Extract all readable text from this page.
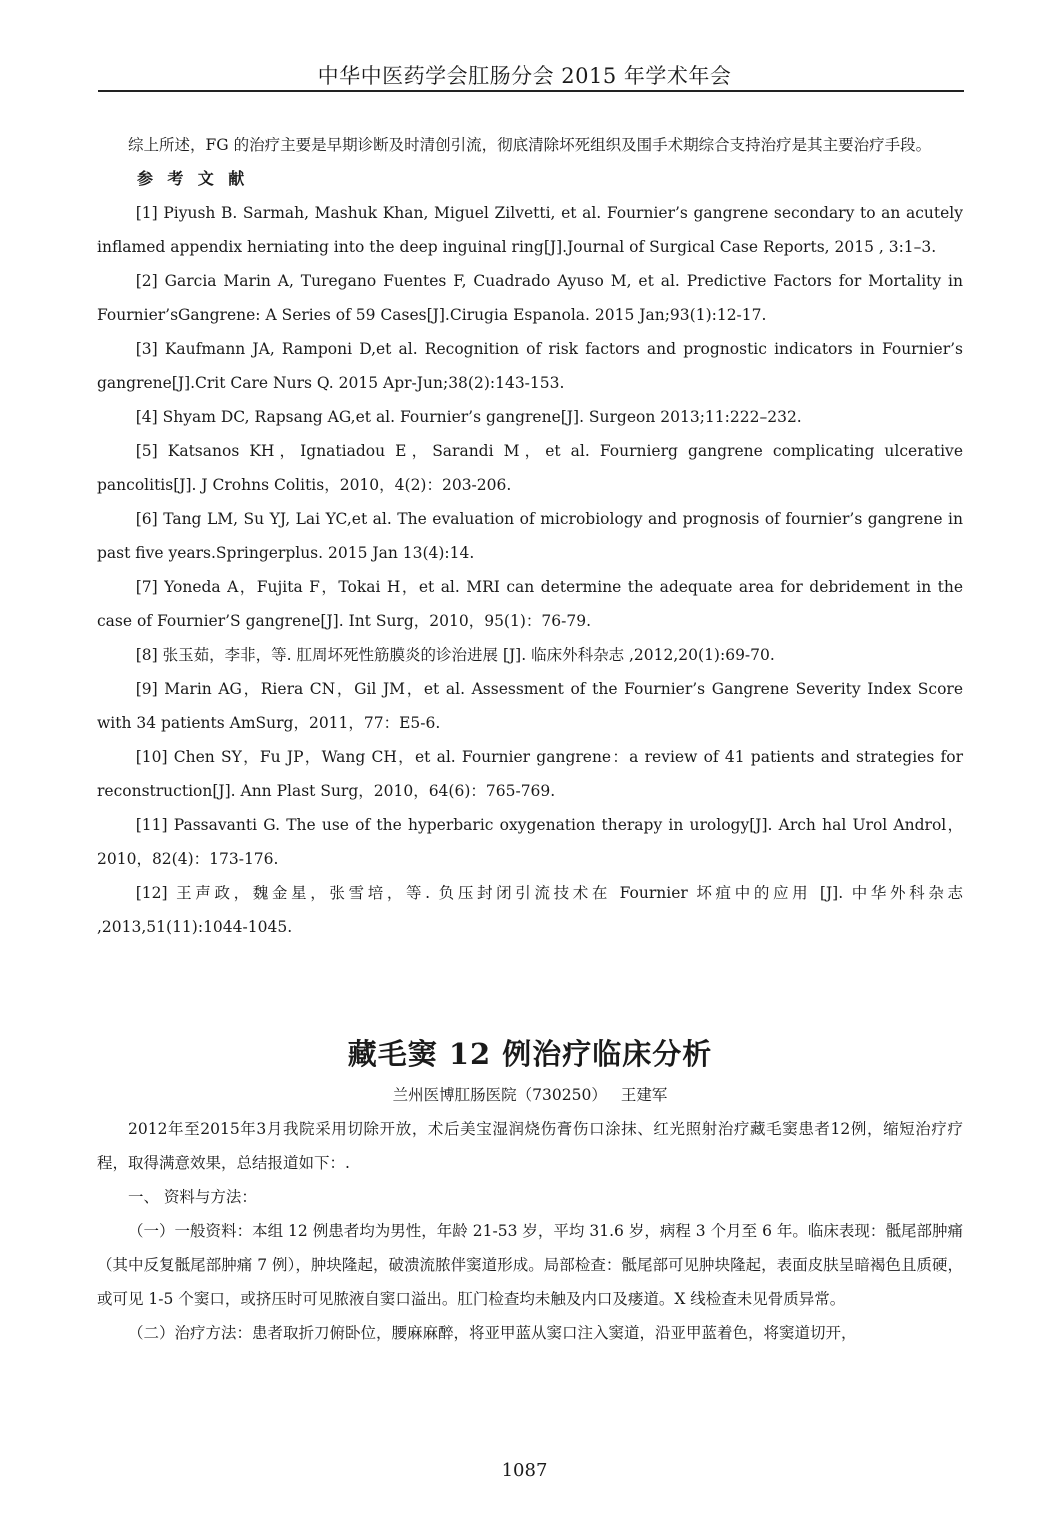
中华中医药学会肛肠分会 2015 年学术年会

综上所述，FG 的治疗主要是早期诊断及时清创引流，彻底清除坏死组织及围手术期综合支持治疗是其主要治疗手段。

参考文献

[1] Piyush B. Sarmah, Mashuk Khan, Miguel Zilvetti, et al. Fournier’s gangrene secondary to an acutely inflamed appendix herniating into the deep inguinal ring[J].Journal of Surgical Case Reports, 2015 , 3:1–3.

[2] Garcia Marin A, Turegano Fuentes F, Cuadrado Ayuso M, et al. Predictive Factors for Mortality in Fournier’sGangrene: A Series of 59 Cases[J].Cirugia Espanola. 2015 Jan;93(1):12-17.

[3] Kaufmann JA, Ramponi D,et al. Recognition of risk factors and prognostic indicators in Fournier’s gangrene[J].Crit Care Nurs Q. 2015 Apr-Jun;38(2):143-153.

[4] Shyam DC, Rapsang AG,et al. Fournier’s gangrene[J]. Surgeon 2013;11:222–232.

[5] Katsanos KH，Ignatiadou E，Sarandi M，et al. Fournierg gangrene complicating ulcerative pancolitis[J]. J Crohns Colitis，2010，4(2)：203-206.

[6] Tang LM, Su YJ, Lai YC,et al. The evaluation of microbiology and prognosis of fournier’s gangrene in past five years.Springerplus. 2015 Jan 13(4):14.

[7] Yoneda A，Fujita F，Tokai H，et al. MRI can determine the adequate area for debridement in the case of Fournier’S gangrene[J]. Int Surg，2010，95(1)：76-79.

[8] 张玉茹，李非，等. 肛周坏死性筋膜炎的诊治进展 [J]. 临床外科杂志 ,2012,20(1):69-70.

[9] Marin AG，Riera CN，Gil JM，et al. Assessment of the Fournier’s Gangrene Severity Index Score with 34 patients AmSurg，2011，77：E5-6.

[10] Chen SY，Fu JP，Wang CH，et al. Fournier gangrene：a review of 41 patients and strategies for reconstruction[J]. Ann Plast Surg，2010，64(6)：765-769.

[11] Passavanti G. The use of the hyperbaric oxygenation therapy in urology[J]. Arch hal Urol Androl，2010，82(4)：173-176.

[12] 王声政，魏金星，张雪培，等. 负压封闭引流技术在 Fournier 坏疽中的应用 [J]. 中华外科杂志 ,2013,51(11):1044-1045.

藏毛窦 12 例治疗临床分析

兰州医博肛肠医院（730250） 王建军

2012年至2015年3月我院采用切除开放，术后美宝湿润烧伤膏伤口涂抹、红光照射治疗藏毛窦患者12例，缩短治疗疗程，取得满意效果，总结报道如下：.

一、 资料与方法：

（一）一般资料：本组 12 例患者均为男性，年龄 21-53 岁，平均 31.6 岁，病程 3 个月至 6 年。临床表现：骶尾部肿痛（其中反复骶尾部肿痛 7 例），肿块隆起，破溃流脓伴窦道形成。局部检查：骶尾部可见肿块隆起，表面皮肤呈暗褐色且质硬，或可见 1-5 个窦口，或挤压时可见脓液自窦口溢出。肛门检查均未触及内口及瘘道。X 线检查未见骨质异常。

（二）治疗方法：患者取折刀俯卧位，腰麻麻醉，将亚甲蓝从窦口注入窦道，沿亚甲蓝着色，将窦道切开，

1087
